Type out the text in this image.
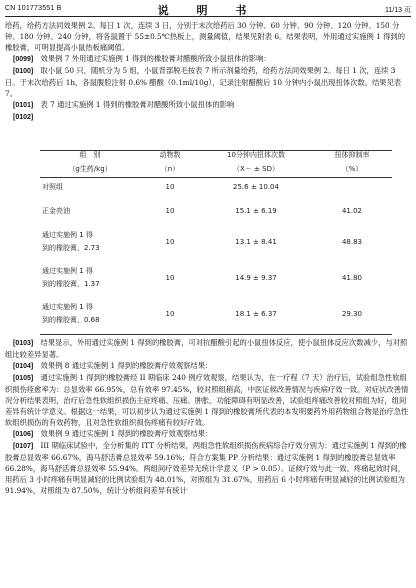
CN 101773551 B	说 明 书	11/13 页

给药，给药方法同效果例 2。每日 1 次，连续 3 日，分别于末次给药后 30 分钟、60 分钟、90 分钟、120 分钟、150 分钟、180 分钟、240 分钟，将各鼠置于 55±0.5℃热板上，测量阈值，结果见附表 6。结果表明，外用通过实施例 1 得到的橡胶膏，可明显提高小鼠热板痛阈值。

[0099]　 效果例 7 外用通过实施例 1 得到的橡胶膏对醋酸所致小鼠扭体的影响：

[0100]　 取小鼠 50 只，随机分为 5 组，小鼠背部脱毛按表 7 所示剂量给药，给药方法同效果例 2。每日 1 次，连续 3 日。于末次给药后 1h，各鼠腹腔注射 0.6% 醋酸（0.1ml/10g），记录注射醋酸后 10 分钟内小鼠出现扭体次数。结果见表 7。

[0101]　 表 7 通过实施例 1 得到的橡胶膏对醋酸所致小鼠扭体的影响

[0102]

组　别	动物数	10分钟内扭体次数	扭体抑制率
（g生药/kg）	（n）	（X－ ± SD）	（%）
对照组	10	25.6 ± 10.04	
正金亮油	10	15.1 ± 6.19	41.02

通过实施例 1 得
到的橡胶膏，2.73	10	13.1 ± 8.41	48.83

通过实施例 1 得
到的橡胶膏，1.37	10	14.9 ± 9.37	41.80

通过实施例 1 得
到的橡胶膏，0.68	10	18.1 ± 6.37	29.30

[0103]　 结果显示，外用通过实施例 1 得到的橡胶膏，可对抗醋酸引起的小鼠扭体反应，使小鼠扭体反应次数减少，与对照组比较差异显著。

[0104]　 效果例 8 通过实施例 1 得到的橡胶膏疗效观察结果：

[0105]　 通过实施例 1 得到的橡胶膏经 II 期临床 240 例疗效观察，结果认为，在一疗程（7 天）治疗后，试验组急性软组织损伤痊愈率为：总显效率 66.95%，总有效率 97.45%，较对照组稍高，中医证候改善情况与疾病疗效一致。对症状改善情况分析结果表明，治疗后急性软组织损伤主症疼痛、压痛、肿胀、功能障碍有明显改善，试验组疼痛改善较对照组为好，组间差异有统计学意义。根据这一结果，可以初步认为通过实施例 1 得到的橡胶膏所代表的本发明要药外用药物组合物是治疗急性软组织损伤的有效药物，且对急性软组织损伤疼痛有较好疗效。

[0106]　 效果例 9 通过实施例 1 得到的橡胶膏疗效观察结果：

[0107]　 III 期临床试验中，全分析集的 ITT 分析结果，两组急性软组织损伤疾病综合疗效分别为：通过实施例 1 得到的橡胶膏总显效率 66.67%，海马舒活膏总显效率 59.16%；符合方案集 PP 分析结果：通过实施例 1 得到的橡胶膏总显效率 66.28%，海马舒活膏总显效率 55.94%。两组间疗效差异无统计学意义（P > 0.05）。证候疗效与此一致。疼痛起效时间，用药后 3 小时疼痛有明显减轻的比例试验组为 48.01%，对照组为 31.67%，用药后 6 小时疼痛有明显减轻的比例试验组为 91.94%，对照组为 87.50%，统计分析组间差异有统计
